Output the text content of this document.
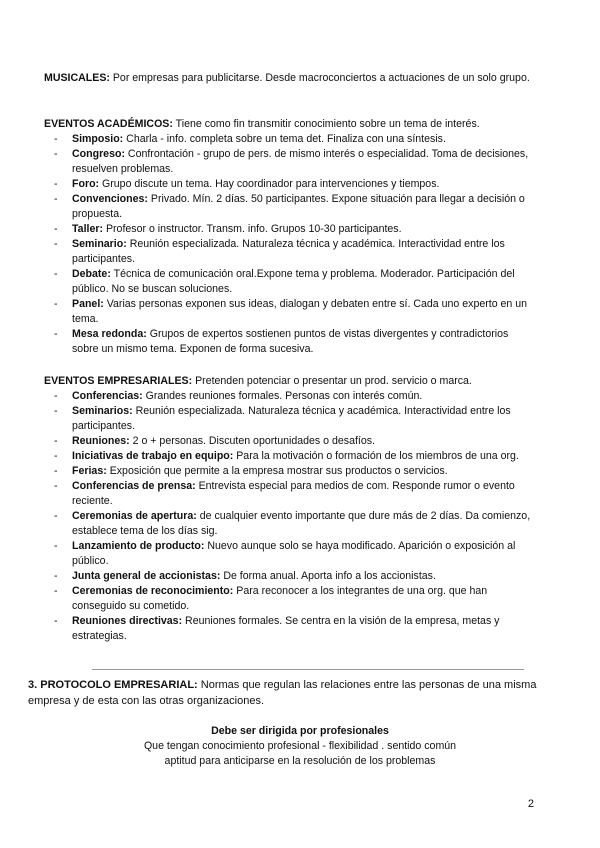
MUSICALES: Por empresas para publicitarse. Desde macroconciertos a actuaciones de un solo grupo.

EVENTOS ACADÉMICOS: Tiene como fin transmitir conocimiento sobre un tema de interés.

- Simposio: Charla - info. completa sobre un tema det. Finaliza con una síntesis.
- Congreso: Confrontación - grupo de pers. de mismo interés o especialidad. Toma de decisiones, resuelven problemas.
- Foro: Grupo discute un tema. Hay coordinador para intervenciones y tiempos.
- Convenciones: Privado. Mín. 2 días. 50 participantes. Expone situación para llegar a decisión o propuesta.
- Taller: Profesor o instructor. Transm. info. Grupos 10-30 participantes.
- Seminario: Reunión especializada. Naturaleza técnica y académica. Interactividad entre los participantes.
- Debate: Técnica de comunicación oral.Expone tema y problema. Moderador. Participación del público. No se buscan soluciones.
- Panel: Varias personas exponen sus ideas, dialogan y debaten entre sí. Cada uno experto en un tema.
- Mesa redonda: Grupos de expertos sostienen puntos de vistas divergentes y contradictorios sobre un mismo tema. Exponen de forma sucesiva.

EVENTOS EMPRESARIALES: Pretenden potenciar o presentar un prod. servicio o marca.

- Conferencias: Grandes reuniones formales. Personas con interés común.
- Seminarios: Reunión especializada. Naturaleza técnica y académica. Interactividad entre los participantes.
- Reuniones: 2 o + personas. Discuten oportunidades o desafíos.
- Iniciativas de trabajo en equipo: Para la motivación o formación de los miembros de una org.
- Ferias: Exposición que permite a la empresa mostrar sus productos o servicios.
- Conferencias de prensa: Entrevista especial para medios de com. Responde rumor o evento reciente.
- Ceremonias de apertura: de cualquier evento importante que dure más de 2 días. Da comienzo, establece tema de los días sig.
- Lanzamiento de producto: Nuevo aunque solo se haya modificado. Aparición o exposición al público.
- Junta general de accionistas: De forma anual. Aporta info a los accionistas.
- Ceremonias de reconocimiento: Para reconocer a los integrantes de una org. que han conseguido su cometido.
- Reuniones directivas: Reuniones formales. Se centra en la visión de la empresa, metas y estrategias.

3. PROTOCOLO EMPRESARIAL: Normas que regulan las relaciones entre las personas de una misma empresa y de esta con las otras organizaciones.

Debe ser dirigida por profesionales

Que tengan conocimiento profesional - flexibilidad . sentido común

aptitud para anticiparse en la resolución de los problemas

2
